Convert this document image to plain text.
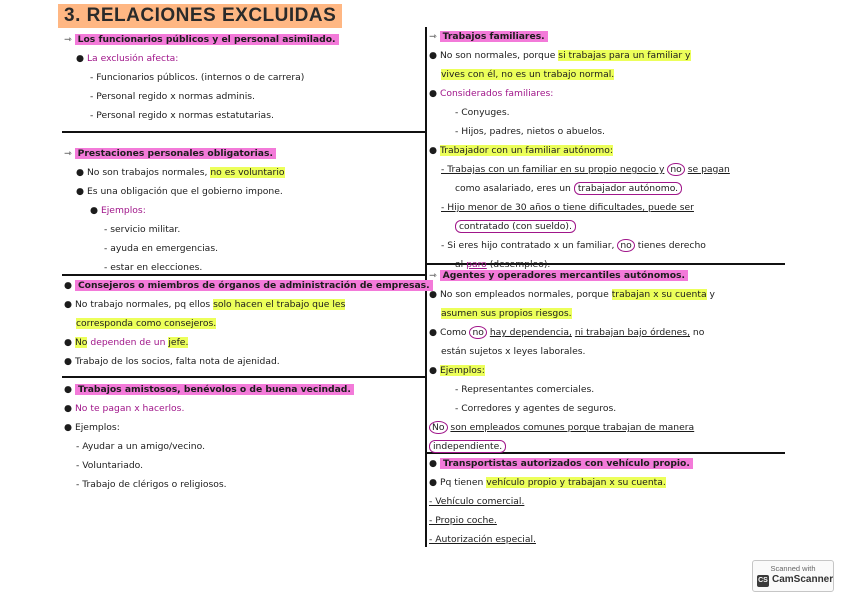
3. RELACIONES EXCLUIDAS
⇾ Los funcionarios públicos y el personal asimilado.
● La exclusión afecta:
- Funcionarios públicos. (internos o de carrera)
- Personal regido x normas adminis.
- Personal regido x normas estatutarias.
⇾ Prestaciones personales obligatorias.
● No son trabajos normales, no es voluntario
● Es una obligación que el gobierno impone.
● Ejemplos:
- servicio militar.
- ayuda en emergencias.
- estar en elecciones.
● Consejeros o miembros de órganos de administración de empresas.
● No trabajo normales, pq ellos solo hacen el trabajo que les
corresponda como consejeros.
● No dependen de un jefe.
● Trabajo de los socios, falta nota de ajenidad.
● Trabajos amistosos, benévolos o de buena vecindad.
● No te pagan x hacerlos.
● Ejemplos:
- Ayudar a un amigo/vecino.
- Voluntariado.
- Trabajo de clérigos o religiosos.
⇾ Trabajos familiares.
● No son normales, porque si trabajas para un familiar y
vives con él, no es un trabajo normal.
● Considerados familiares:
- Conyuges.
- Hijos, padres, nietos o abuelos.
● Trabajador con un familiar autónomo:
- Trabajas con un familiar en su propio negocio y no se pagan
como asalariado, eres un trabajador autónomo.
- Hijo menor de 30 años o tiene dificultades, puede ser
contratado (con sueldo).
- Si eres hijo contratado x un familiar, no tienes derecho
al paro (desempleo).
⇾ Agentes y operadores mercantiles autónomos.
● No son empleados normales, porque trabajan x su cuenta y
asumen sus propios riesgos.
● Como no hay dependencia, ni trabajan bajo órdenes, no
están sujetos x leyes laborales.
● Ejemplos:
- Representantes comerciales.
- Corredores y agentes de seguros.
No son empleados comunes porque trabajan de manera
independiente.
● Transportistas autorizados con vehículo propio.
● Pq tienen vehículo propio y trabajan x su cuenta.
- Vehículo comercial.
- Propio coche.
- Autorización especial.
Scanned with
CS CamScanner
